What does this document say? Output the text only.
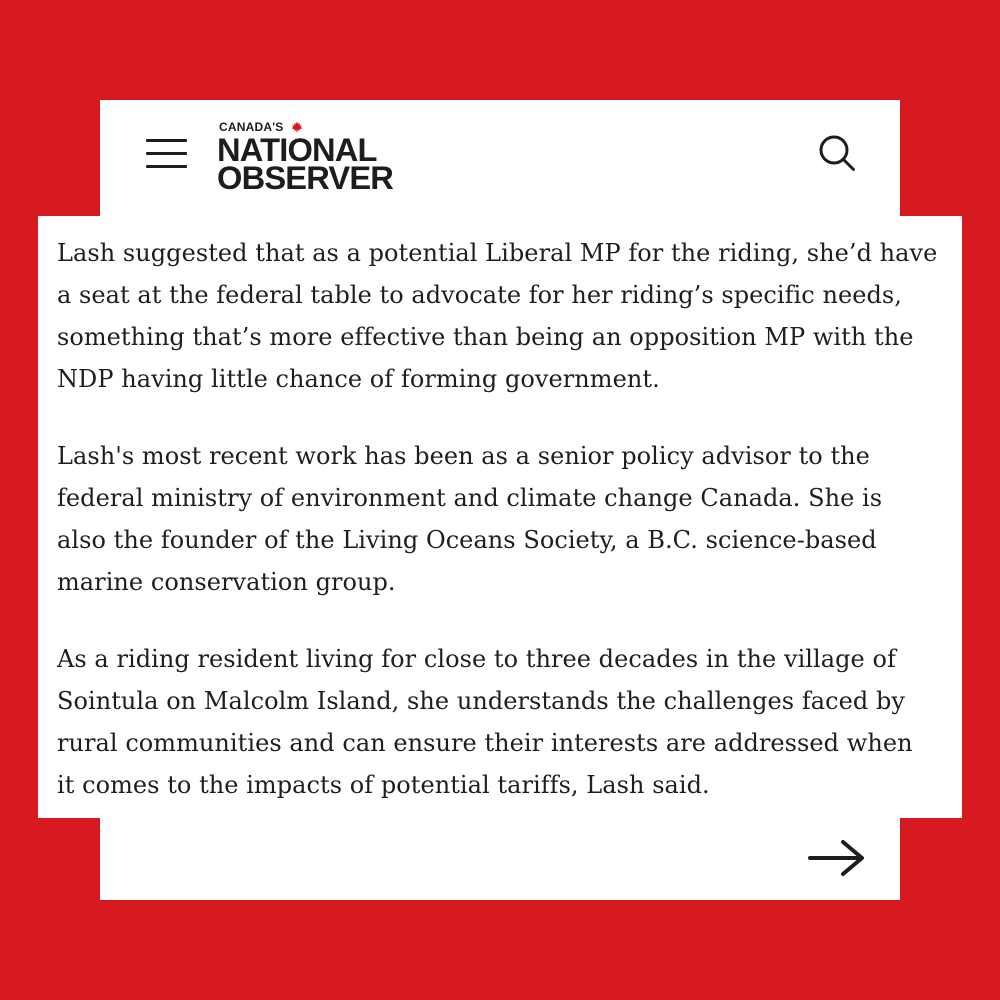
CANADA'S
NATIONAL
OBSERVER

Lash suggested that as a potential Liberal MP for the riding, she’d have
a seat at the federal table to advocate for her riding’s specific needs,
something that’s more effective than being an opposition MP with the
NDP having little chance of forming government.

Lash's most recent work has been as a senior policy advisor to the
federal ministry of environment and climate change Canada. She is
also the founder of the Living Oceans Society, a B.C. science-based
marine conservation group.

As a riding resident living for close to three decades in the village of
Sointula on Malcolm Island, she understands the challenges faced by
rural communities and can ensure their interests are addressed when
it comes to the impacts of potential tariffs, Lash said.
